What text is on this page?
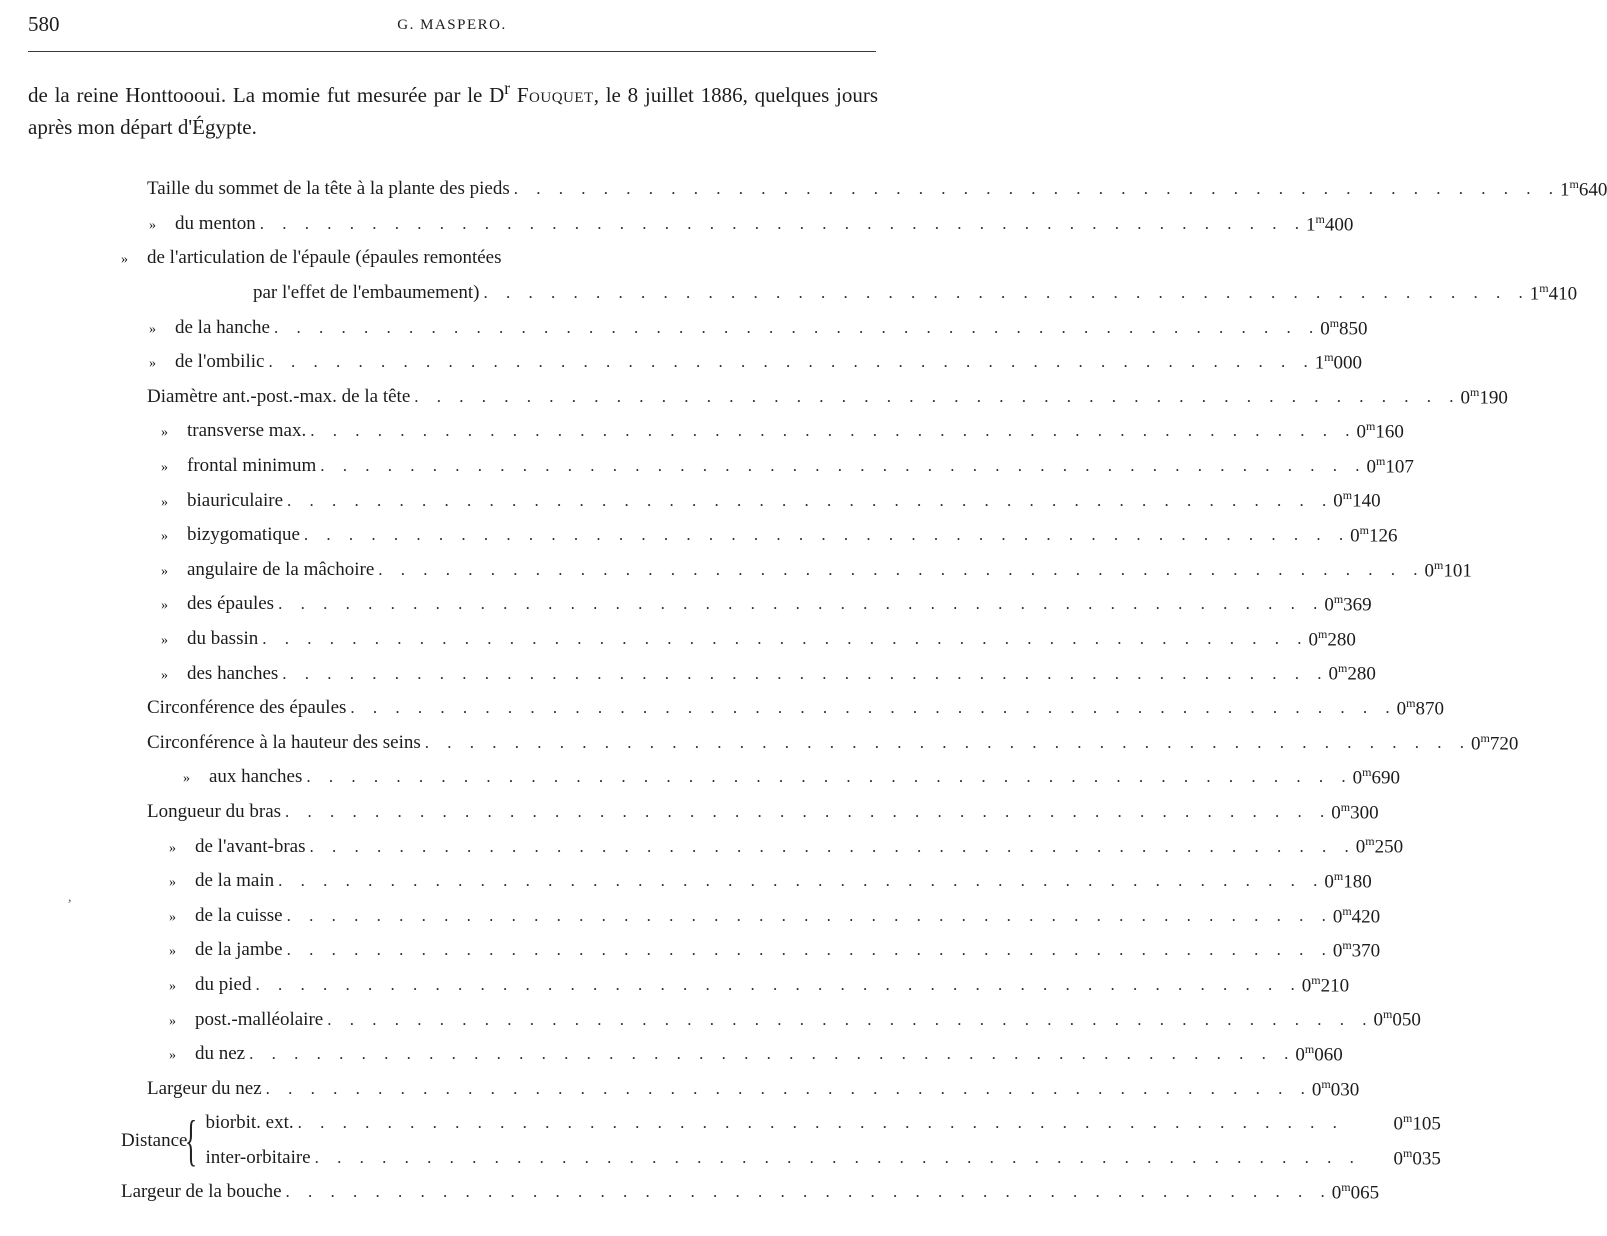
580	G. MASPERO.

de la reine Honttoooui. La momie fut mesurée par le $D^r$ Fouquet, le 8 juillet 1886, quelques jours après mon départ d'Égypte.

Taille du sommet de la tête à la plante des pieds . . .	1$^m$640
» du menton . . .	1$^m$400
» de l'articulation de l'épaule (épaules remontées
par l'effet de l'embaumement) . . .	1$^m$410
» de la hanche . . .	0$^m$850
» de l'ombilic . . .	1$^m$000
Diamètre ant.-post.-max. de la tête . . .	0$^m$190
» transverse max. . . .	0$^m$160
» frontal minimum . . .	0$^m$107
» biauriculaire . . .	0$^m$140
» bizygomatique . . .	0$^m$126
» angulaire de la mâchoire . . .	0$^m$101
» des épaules . . .	0$^m$369
» du bassin . . .	0$^m$280
» des hanches . . .	0$^m$280
Circonférence des épaules . . .	0$^m$870
Circonférence à la hauteur des seins . . .	0$^m$720
» aux hanches . . .	0$^m$690
Longueur du bras . . .	0$^m$300
» de l'avant-bras . . .	0$^m$250
» de la main . . .	0$^m$180
» de la cuisse . . .	0$^m$420
» de la jambe . . .	0$^m$370
» du pied . . .	0$^m$210
» post.-malléolaire . . .	0$^m$050
» du nez . . .	0$^m$060
Largeur du nez . . .	0$^m$030
Distance
{ biorbit. ext. . . .	0$^m$105
inter-orbitaire . . .	0$^m$035
Largeur de la bouche . . .	0$^m$065
,
